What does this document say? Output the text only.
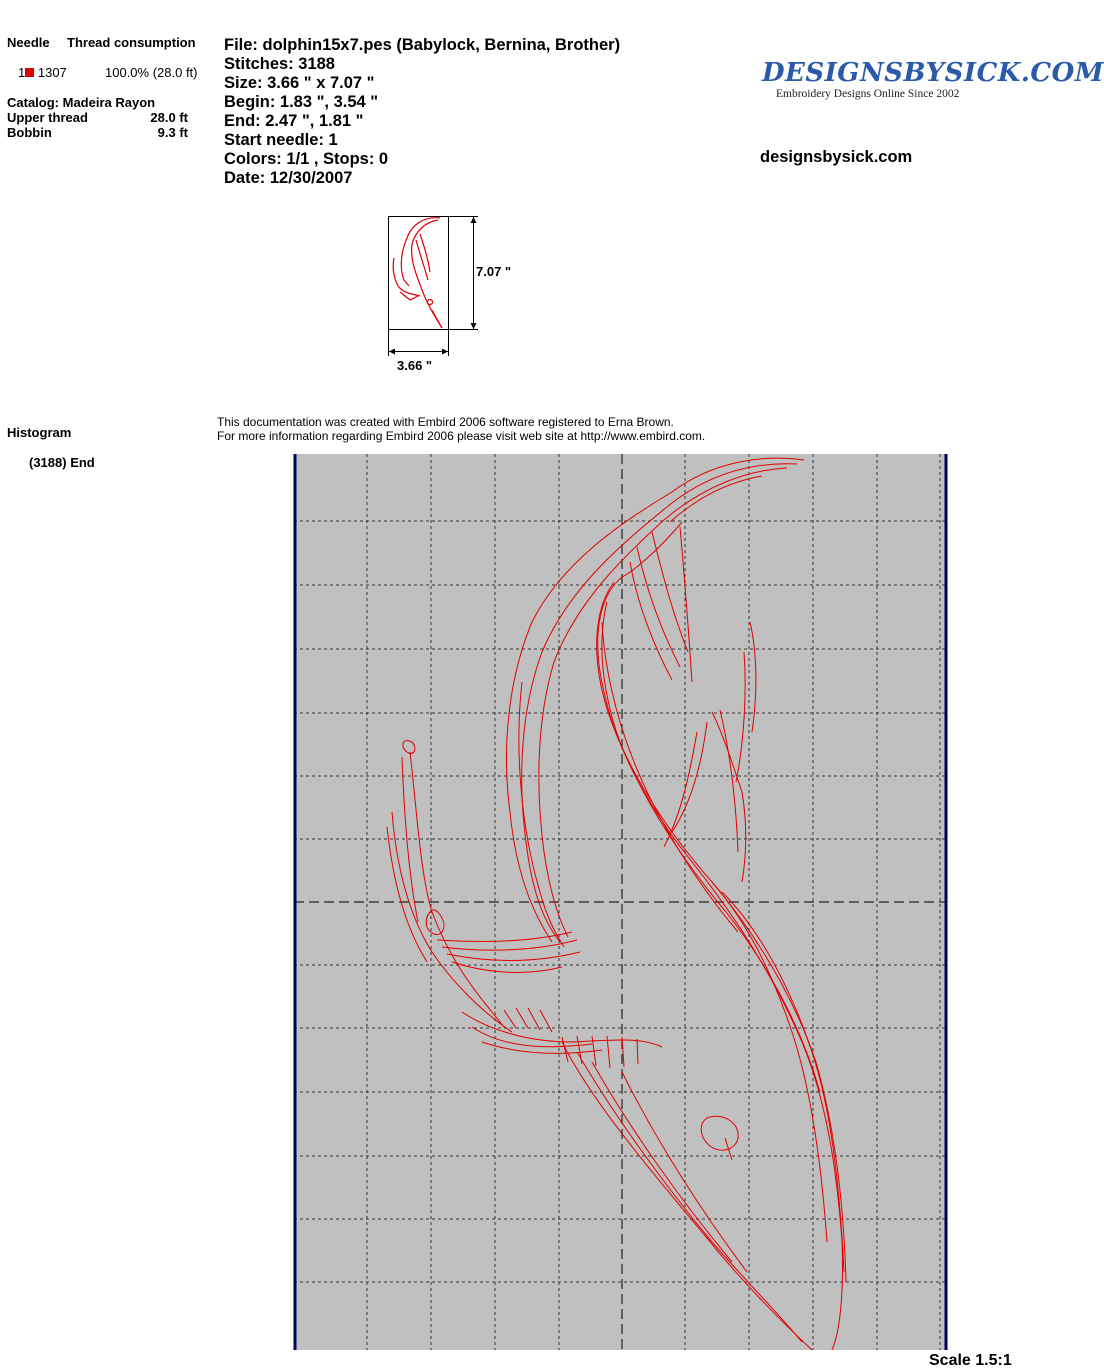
Needle Thread consumption
1 1307	100.0% (28.0 ft)
Catalog: Madeira Rayon
Upper thread	28.0 ft
Bobbin	9.3 ft
File: dolphin15x7.pes (Babylock, Bernina, Brother)
Stitches: 3188
Size: 3.66 " x 7.07 "
Begin: 1.83 ", 3.54 "
End: 2.47 ", 1.81 "
Start needle: 1
Colors: 1/1 , Stops: 0
Date: 12/30/2007
DESIGNSBYSICK.COM
Embroidery Designs Online Since 2002
designsbysick.com
7.07 "
3.66 "
Histogram
(3188) End
This documentation was created with Embird 2006 software registered to Erna Brown.
For more information regarding Embird 2006 please visit web site at http://www.embird.com.
Scale 1.5:1
